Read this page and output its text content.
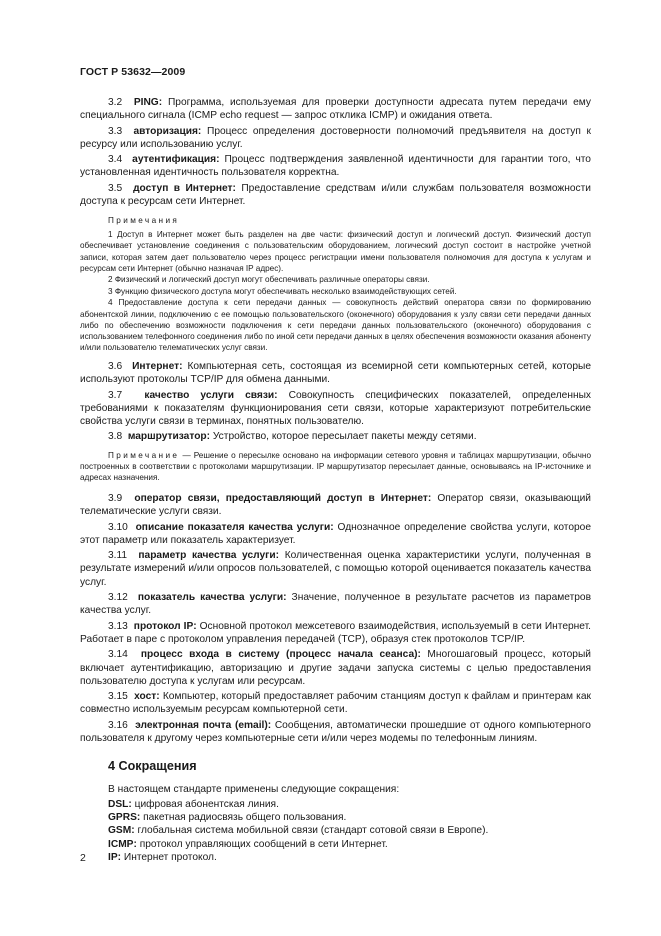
ГОСТ Р 53632—2009

3.2 PING: Программа, используемая для проверки доступности адресата путем передачи ему специального сигнала (ICMP echo request — запрос отклика ICMP) и ожидания ответа.

3.3 авторизация: Процесс определения достоверности полномочий предъявителя на доступ к ресурсу или использованию услуг.

3.4 аутентификация: Процесс подтверждения заявленной идентичности для гарантии того, что установленная идентичность пользователя корректна.

3.5 доступ в Интернет: Предоставление средствам и/или службам пользователя возможности доступа к ресурсам сети Интернет.

Примечания

1 Доступ в Интернет может быть разделен на две части: физический доступ и логический доступ. Физический доступ обеспечивает установление соединения с пользовательским оборудованием, логический доступ состоит в настройке учетной записи, которая затем дает пользователю через процесс регистрации имени пользователя полномочия для доступа к услугам и ресурсам сети Интернет (обычно назначая IP адрес).

2 Физический и логический доступ могут обеспечивать различные операторы связи.

3 Функцию физического доступа могут обеспечивать несколько взаимодействующих сетей.

4 Предоставление доступа к сети передачи данных — совокупность действий оператора связи по формированию абонентской линии, подключению с ее помощью пользовательского (оконечного) оборудования к узлу связи сети передачи данных либо по обеспечению возможности подключения к сети передачи данных пользовательского (оконечного) оборудования с использованием телефонного соединения либо по иной сети передачи данных в целях обеспечения возможности оказания абоненту и/или пользователю телематических услуг связи.

3.6 Интернет: Компьютерная сеть, состоящая из всемирной сети компьютерных сетей, которые используют протоколы TCP/IP для обмена данными.

3.7 качество услуги связи: Совокупность специфических показателей, определенных требованиями к показателям функционирования сети связи, которые характеризуют потребительские свойства услуги связи в терминах, понятных пользователю.

3.8 маршрутизатор: Устройство, которое пересылает пакеты между сетями.

Примечание — Решение о пересылке основано на информации сетевого уровня и таблицах маршрутизации, обычно построенных в соответствии с протоколами маршрутизации. IP маршрутизатор пересылает данные, основываясь на IP-источнике и адресах назначения.

3.9 оператор связи, предоставляющий доступ в Интернет: Оператор связи, оказывающий телематические услуги связи.

3.10 описание показателя качества услуги: Однозначное определение свойства услуги, которое этот параметр или показатель характеризует.

3.11 параметр качества услуги: Количественная оценка характеристики услуги, полученная в результате измерений и/или опросов пользователей, с помощью которой оценивается показатель качества услуг.

3.12 показатель качества услуги: Значение, полученное в результате расчетов из параметров качества услуг.

3.13 протокол IP: Основной протокол межсетевого взаимодействия, используемый в сети Интернет. Работает в паре с протоколом управления передачей (TCP), образуя стек протоколов TCP/IP.

3.14 процесс входа в систему (процесс начала сеанса): Многошаговый процесс, который включает аутентификацию, авторизацию и другие задачи запуска системы с целью предоставления пользователю доступа к услугам или ресурсам.

3.15 хост: Компьютер, который предоставляет рабочим станциям доступ к файлам и принтерам как совместно используемым ресурсам компьютерной сети.

3.16 электронная почта (email): Сообщения, автоматически прошедшие от одного компьютерного пользователя к другому через компьютерные сети и/или через модемы по телефонным линиям.

4 Сокращения

В настоящем стандарте применены следующие сокращения:

DSL: цифровая абонентская линия.

GPRS: пакетная радиосвязь общего пользования.

GSM: глобальная система мобильной связи (стандарт сотовой связи в Европе).

ICMP: протокол управляющих сообщений в сети Интернет.

IP: Интернет протокол.

2
